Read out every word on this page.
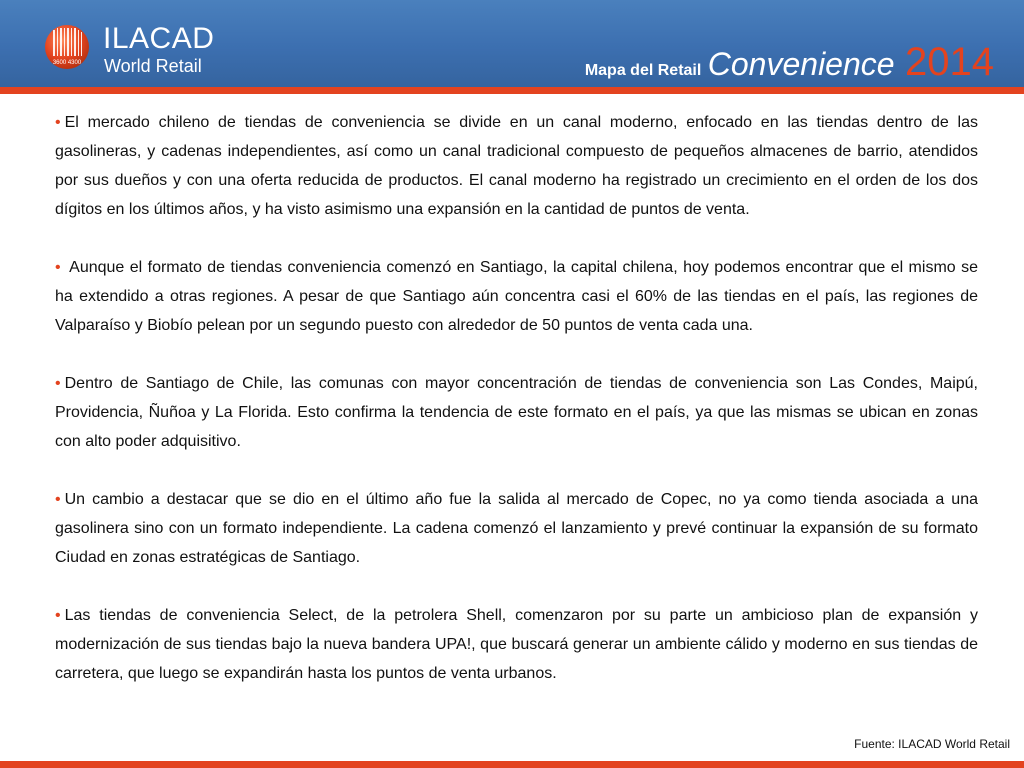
3600 4300
ILACAD
World Retail	Mapa del Retail Convenience 2014

• El mercado chileno de tiendas de conveniencia se divide en un canal moderno, enfocado en las tiendas dentro de las gasolineras, y cadenas independientes, así como un canal tradicional compuesto de pequeños almacenes de barrio, atendidos por sus dueños y con una oferta reducida de productos. El canal moderno ha registrado un crecimiento en el orden de los dos dígitos en los últimos años, y ha visto asimismo una expansión en la cantidad de puntos de venta.

• Aunque el formato de tiendas conveniencia comenzó en Santiago, la capital chilena, hoy podemos encontrar que el mismo se ha extendido a otras regiones. A pesar de que Santiago aún concentra casi el 60% de las tiendas en el país, las regiones de Valparaíso y Biobío pelean por un segundo puesto con alrededor de 50 puntos de venta cada una.

• Dentro de Santiago de Chile, las comunas con mayor concentración de tiendas de conveniencia son Las Condes, Maipú, Providencia, Ñuñoa y La Florida. Esto confirma la tendencia de este formato en el país, ya que las mismas se ubican en zonas con alto poder adquisitivo.

• Un cambio a destacar que se dio en el último año fue la salida al mercado de Copec, no ya como tienda asociada a una gasolinera sino con un formato independiente. La cadena comenzó el lanzamiento y prevé continuar la expansión de su formato Ciudad en zonas estratégicas de Santiago.

• Las tiendas de conveniencia Select, de la petrolera Shell, comenzaron por su parte un ambicioso plan de expansión y modernización de sus tiendas bajo la nueva bandera UPA!, que buscará generar un ambiente cálido y moderno en sus tiendas de carretera, que luego se expandirán hasta los puntos de venta urbanos.

Fuente: ILACAD World Retail
